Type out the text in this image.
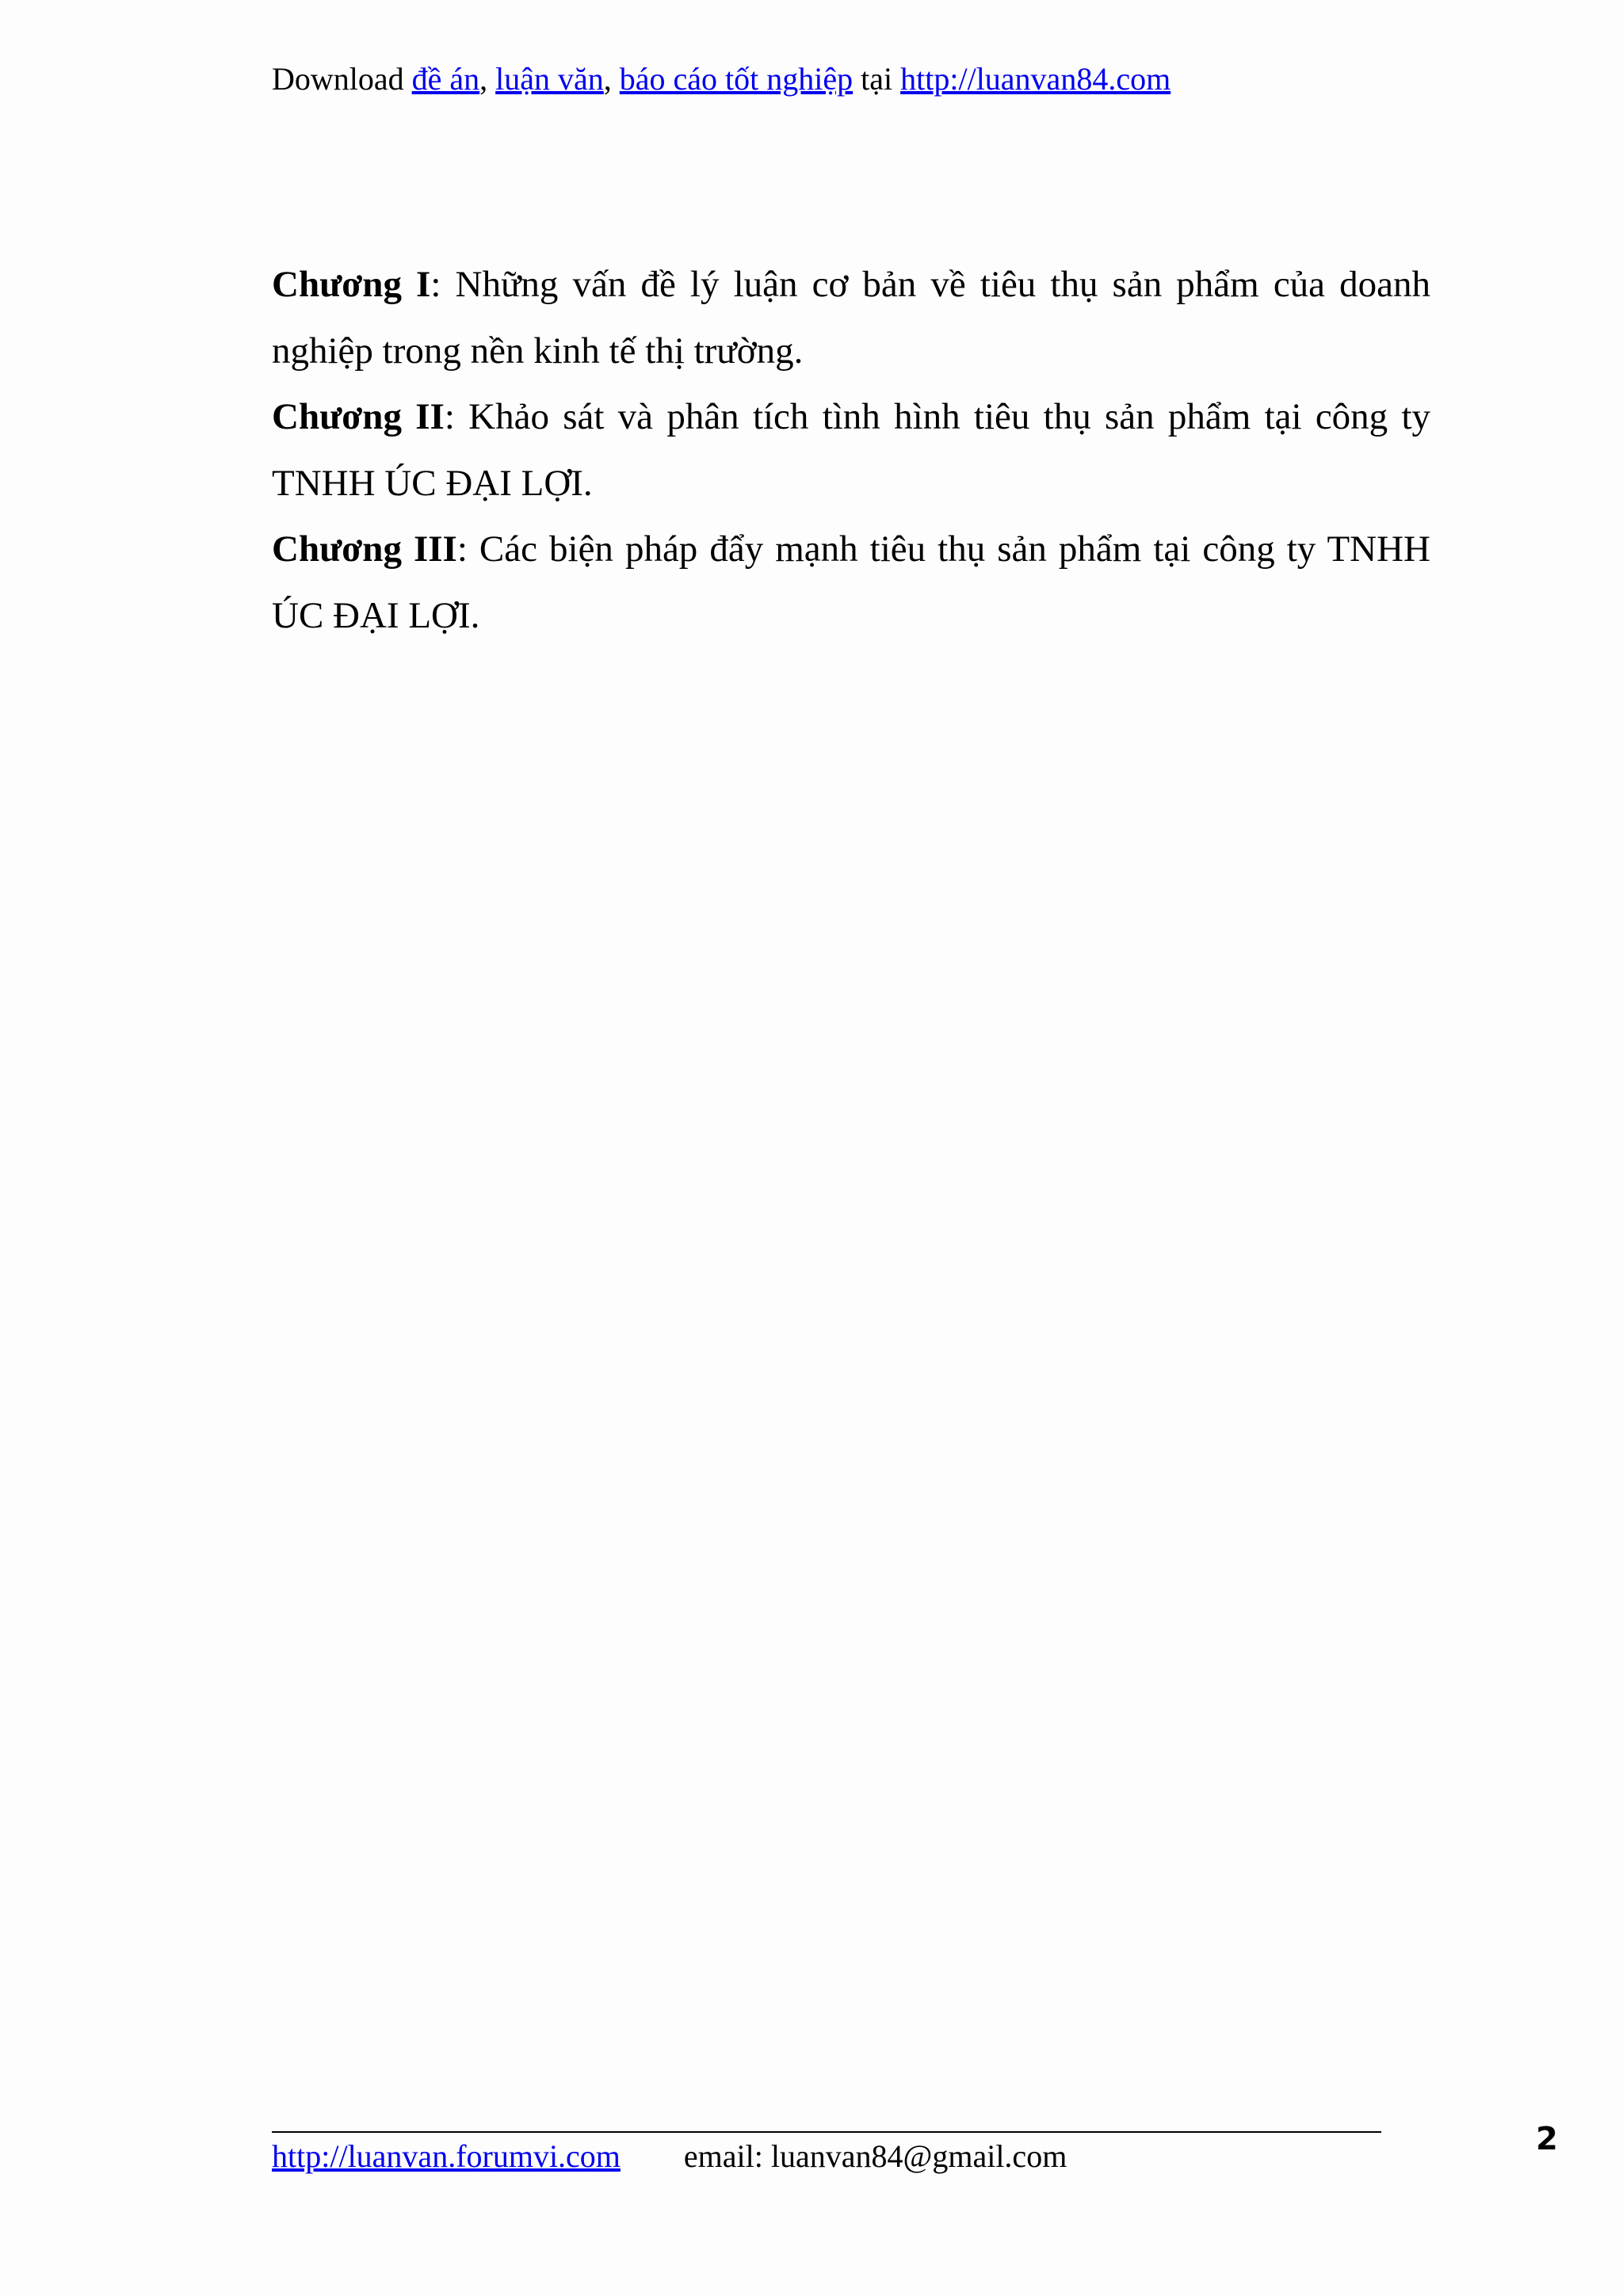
Download đề án, luận văn, báo cáo tốt nghiệp tại http://luanvan84.com

Chương I: Những vấn đề lý luận cơ bản về tiêu thụ sản phẩm của doanh nghiệp trong nền kinh tế thị trường.

Chương II: Khảo sát và phân tích tình hình tiêu thụ sản phẩm tại công ty TNHH ÚC ĐẠI LỢI.

Chương III: Các biện pháp đẩy mạnh tiêu thụ sản phẩm tại công ty TNHH ÚC ĐẠI LỢI.

http://luanvan.forumvi.com email: luanvan84@gmail.com	2
